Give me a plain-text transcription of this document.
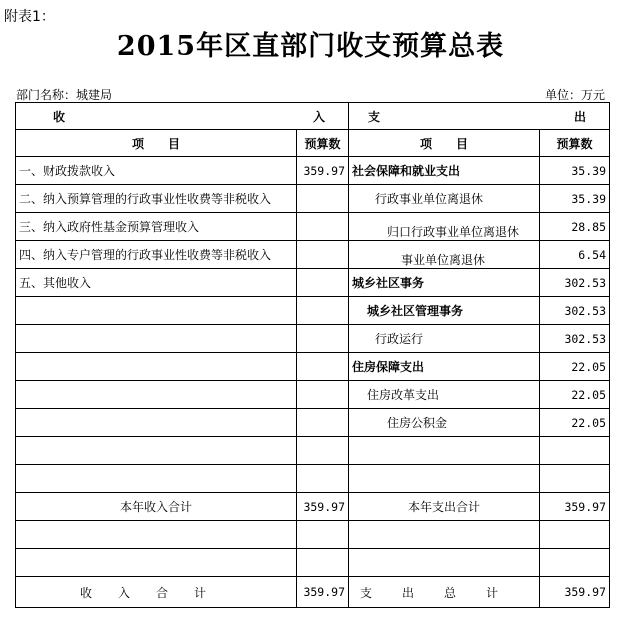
附表1：
2015年区直部门收支预算总表
部门名称：城建局	单位：万元
收 入		支 出	

项　　目	预算数	项　　目	预算数
一、财政拨款收入	359.97	社会保障和就业支出	35.39
二、纳入预算管理的行政事业性收费等非税收入		行政事业单位离退休	35.39
三、纳入政府性基金预算管理收入		归口行政事业单位离退休	28.85
四、纳入专户管理的行政事业性收费等非税收入		事业单位离退休	6.54
五、其他收入		城乡社区事务	302.53
		城乡社区管理事务	302.53
		行政运行	302.53
		住房保障支出	22.05
		住房改革支出	22.05
		住房公积金	22.05

本年收入合计	359.97	本年支出合计	359.97

收入合计	359.97	支出总计	359.97
